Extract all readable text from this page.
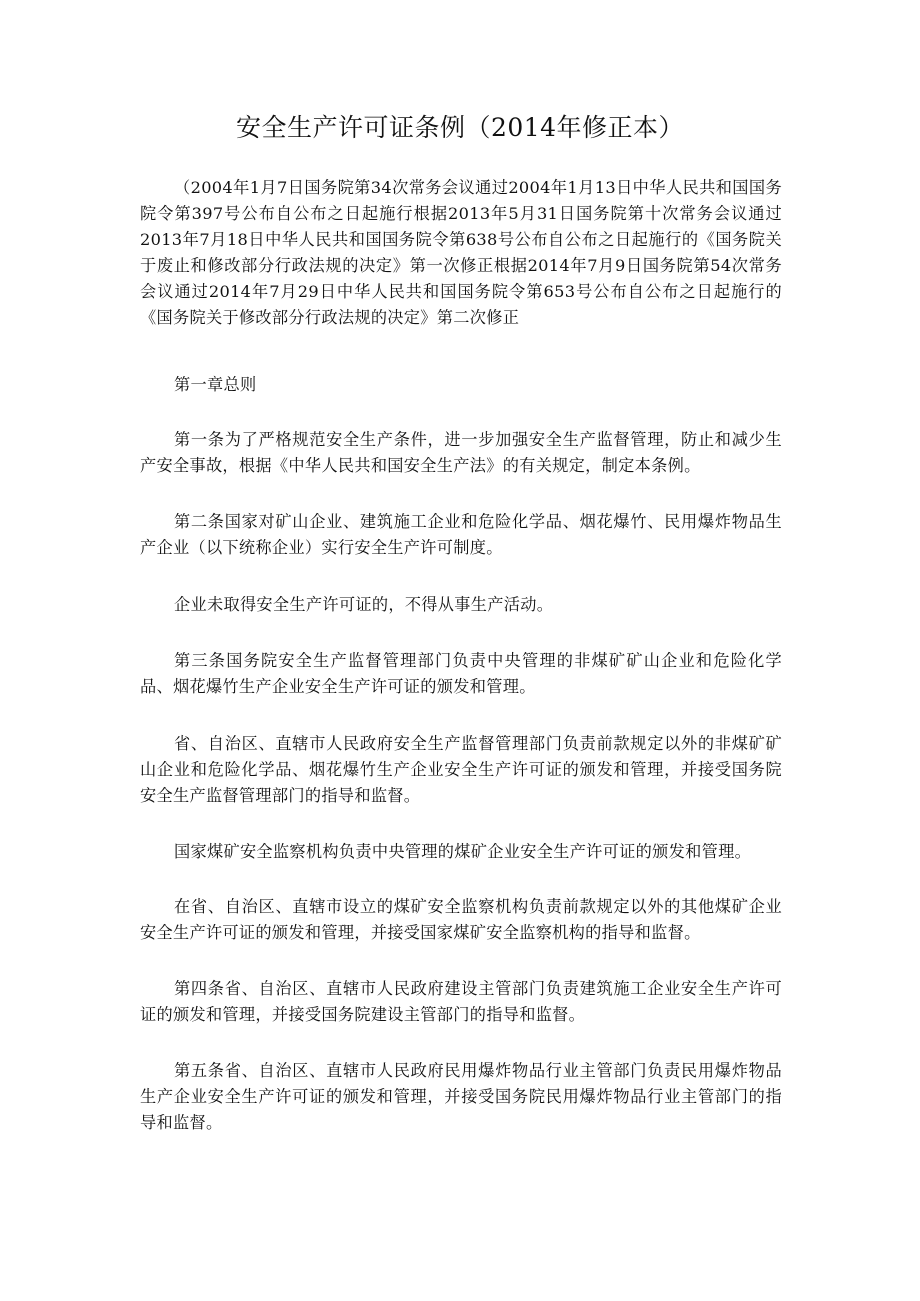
安全生产许可证条例（2014年修正本）

（2004年1月7日国务院第34次常务会议通过2004年1月13日中华人民共和国国务院令第397号公布自公布之日起施行根据2013年5月31日国务院第十次常务会议通过2013年7月18日中华人民共和国国务院令第638号公布自公布之日起施行的《国务院关于废止和修改部分行政法规的决定》第一次修正根据2014年7月9日国务院第54次常务会议通过2014年7月29日中华人民共和国国务院令第653号公布自公布之日起施行的《国务院关于修改部分行政法规的决定》第二次修正

第一章总则

第一条为了严格规范安全生产条件，进一步加强安全生产监督管理，防止和减少生产安全事故，根据《中华人民共和国安全生产法》的有关规定，制定本条例。

第二条国家对矿山企业、建筑施工企业和危险化学品、烟花爆竹、民用爆炸物品生产企业（以下统称企业）实行安全生产许可制度。

企业未取得安全生产许可证的，不得从事生产活动。

第三条国务院安全生产监督管理部门负责中央管理的非煤矿矿山企业和危险化学品、烟花爆竹生产企业安全生产许可证的颁发和管理。

省、自治区、直辖市人民政府安全生产监督管理部门负责前款规定以外的非煤矿矿山企业和危险化学品、烟花爆竹生产企业安全生产许可证的颁发和管理，并接受国务院安全生产监督管理部门的指导和监督。

国家煤矿安全监察机构负责中央管理的煤矿企业安全生产许可证的颁发和管理。

在省、自治区、直辖市设立的煤矿安全监察机构负责前款规定以外的其他煤矿企业安全生产许可证的颁发和管理，并接受国家煤矿安全监察机构的指导和监督。

第四条省、自治区、直辖市人民政府建设主管部门负责建筑施工企业安全生产许可证的颁发和管理，并接受国务院建设主管部门的指导和监督。

第五条省、自治区、直辖市人民政府民用爆炸物品行业主管部门负责民用爆炸物品生产企业安全生产许可证的颁发和管理，并接受国务院民用爆炸物品行业主管部门的指导和监督。
